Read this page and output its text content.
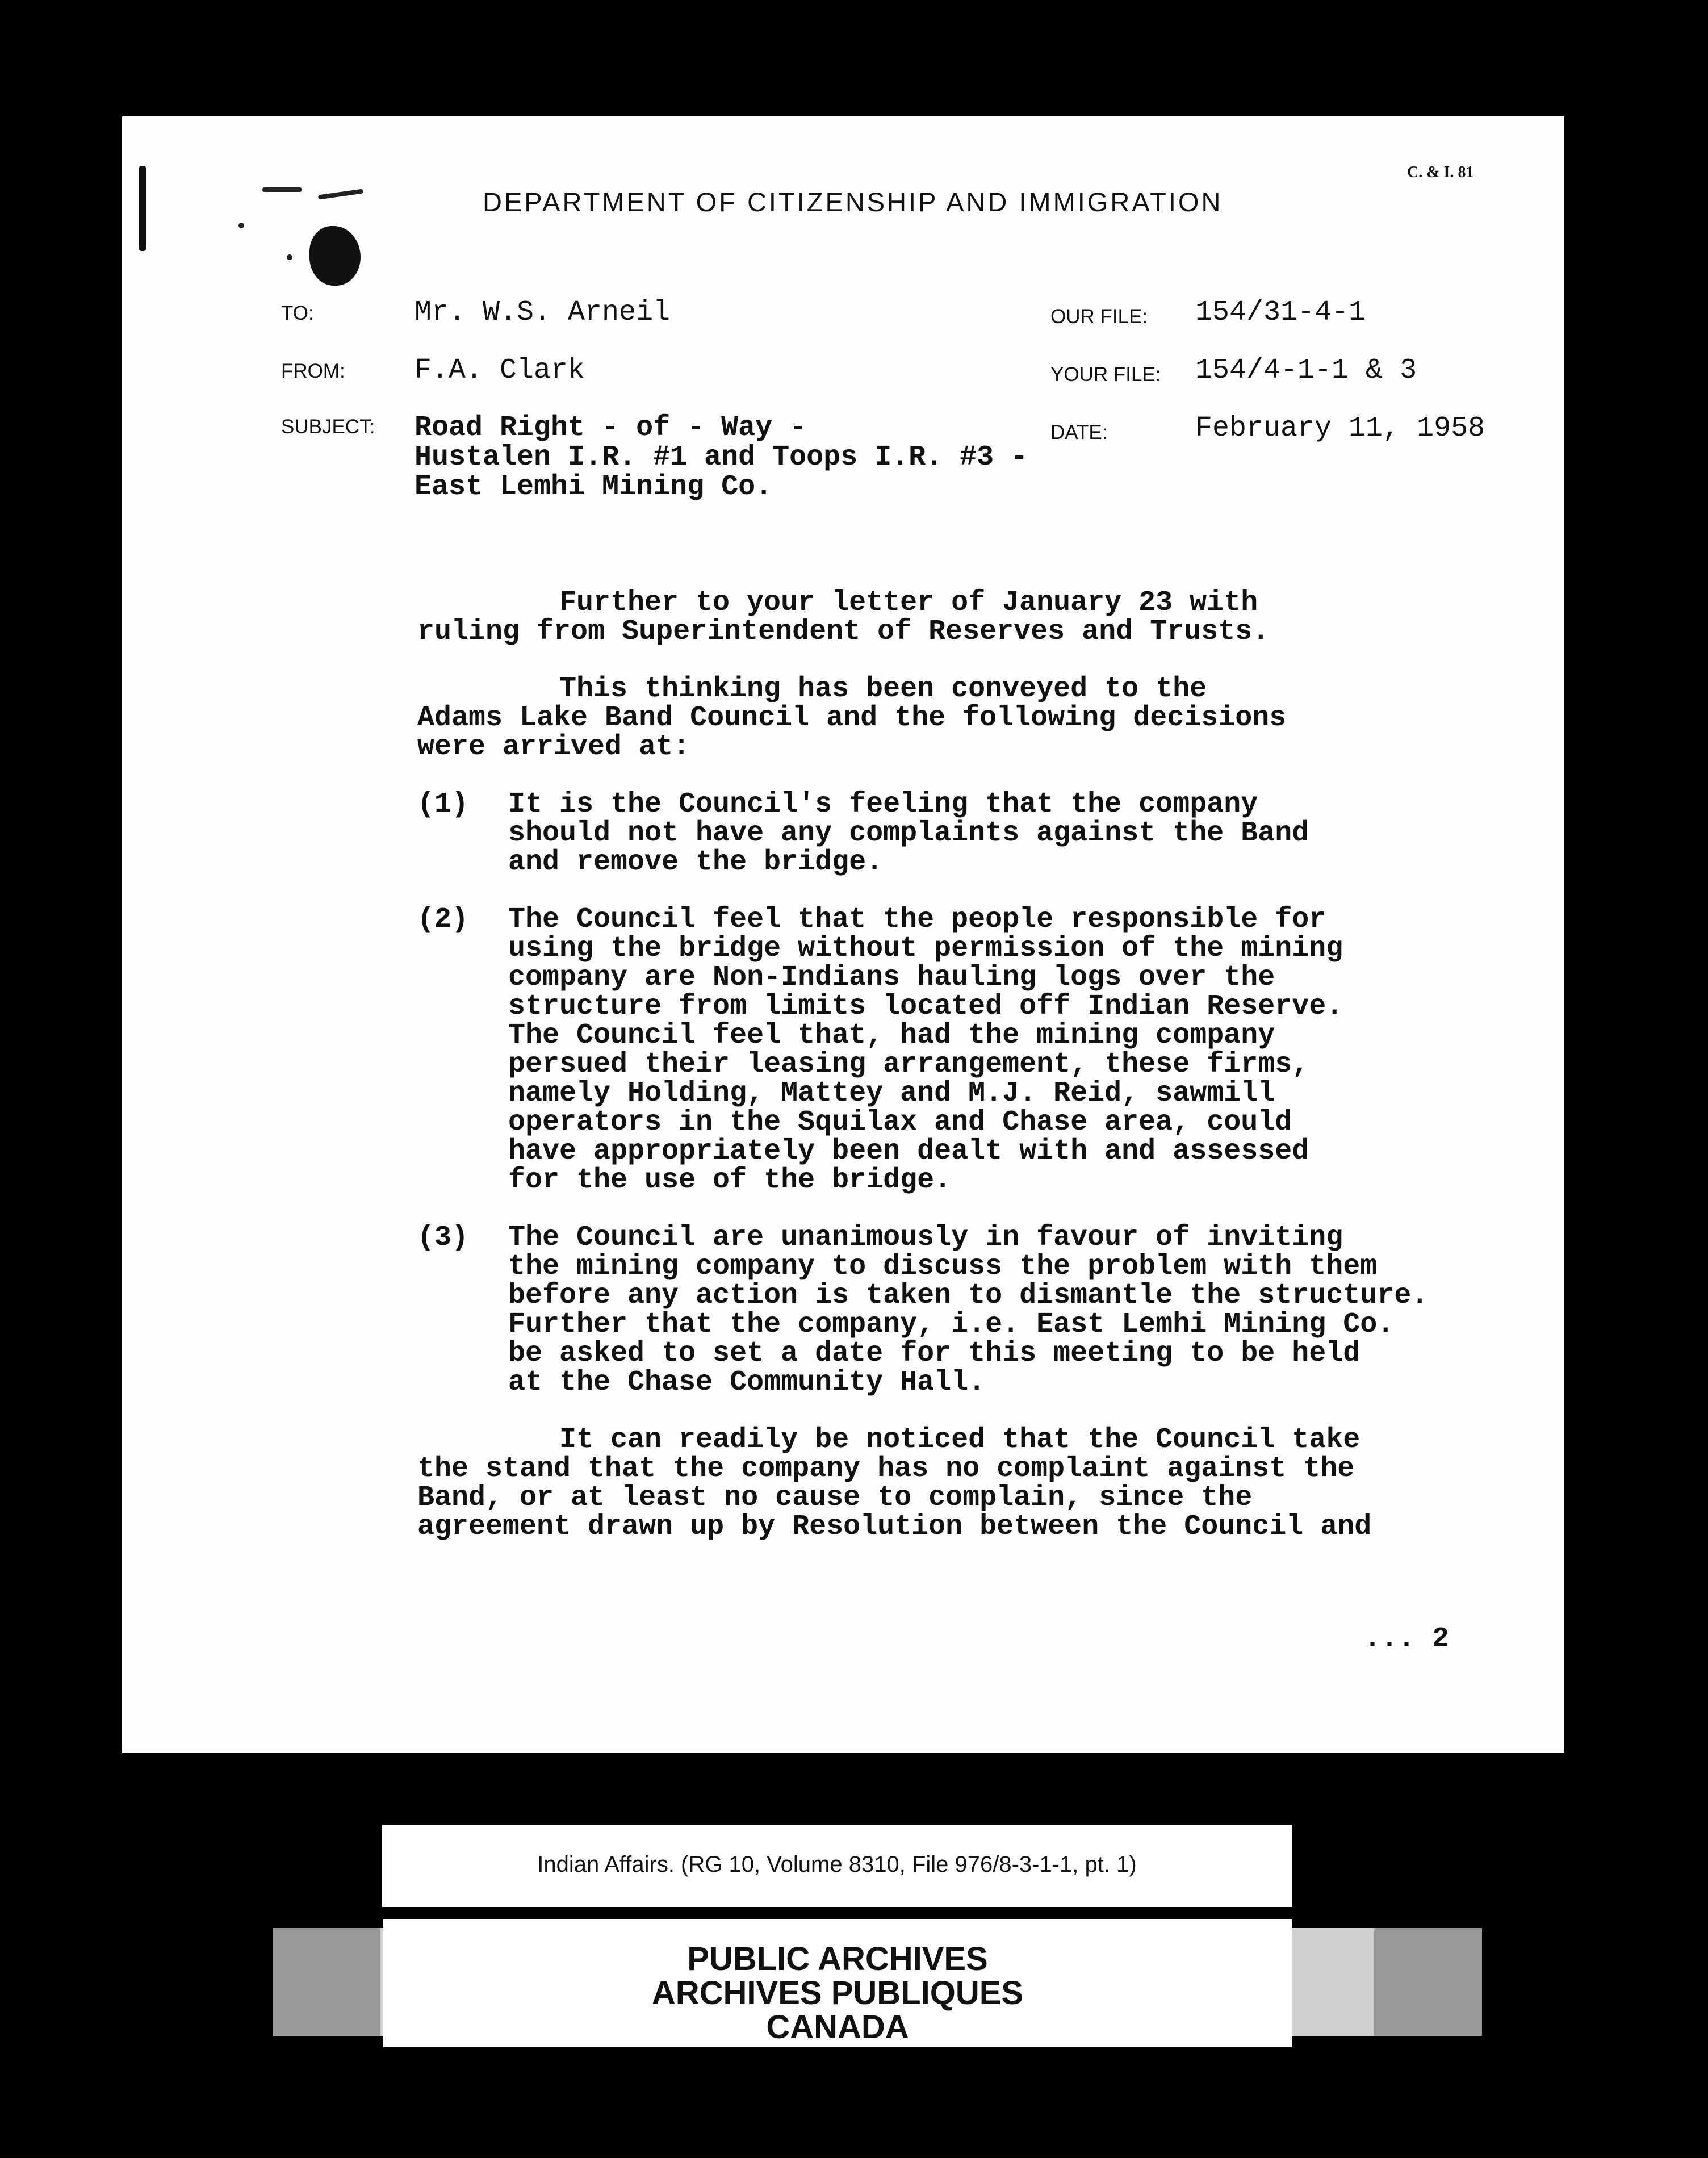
C. & I. 81
DEPARTMENT OF CITIZENSHIP AND IMMIGRATION
TO:	Mr. W.S. Arneil
FROM: F.A. Clark
SUBJECT: Road Right - of - Way -
Hustalen I.R. #1 and Toops I.R. #3 -
East Lemhi Mining Co.
OUR FILE: 154/31-4-1
YOUR FILE: 154/4-1-1 & 3
DATE:	February 11, 1958
Further to your letter of January 23 with
ruling from Superintendent of Reserves and Trusts.
This thinking has been conveyed to the
Adams Lake Band Council and the following decisions
were arrived at:
(1)	It is the Council's feeling that the company
should not have any complaints against the Band
and remove the bridge.
(2)	The Council feel that the people responsible for
using the bridge without permission of the mining
company are Non-Indians hauling logs over the
structure from limits located off Indian Reserve.
The Council feel that, had the mining company
persued their leasing arrangement, these firms,
namely Holding, Mattey and M.J. Reid, sawmill
operators in the Squilax and Chase area, could
have appropriately been dealt with and assessed
for the use of the bridge.
(3)	The Council are unanimously in favour of inviting
the mining company to discuss the problem with them
before any action is taken to dismantle the structure.
Further that the company, i.e. East Lemhi Mining Co.
be asked to set a date for this meeting to be held
at the Chase Community Hall.
It can readily be noticed that the Council take
the stand that the company has no complaint against the
Band, or at least no cause to complain, since the
agreement drawn up by Resolution between the Council and
... 2
Indian Affairs. (RG 10, Volume 8310, File 976/8-3-1-1, pt. 1)
PUBLIC ARCHIVES
ARCHIVES PUBLIQUES
CANADA
